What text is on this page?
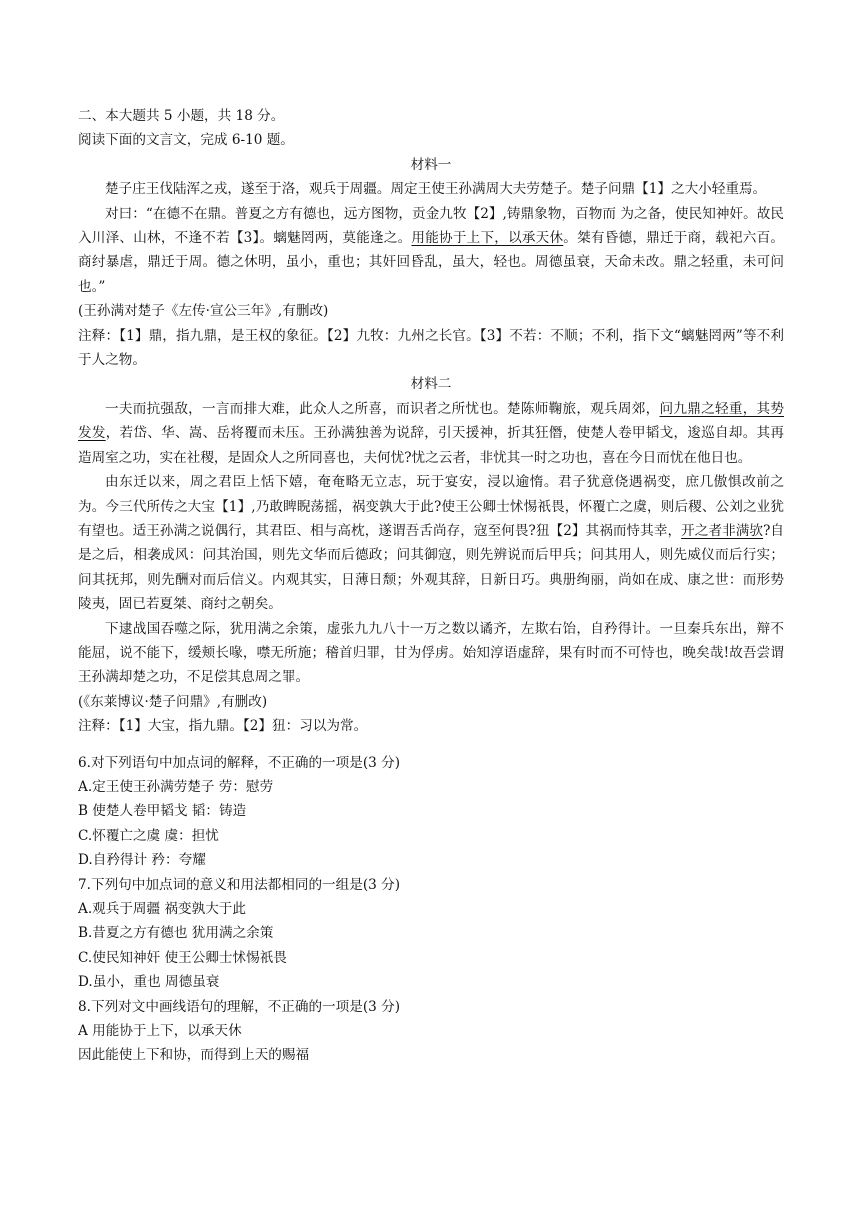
二、本大题共 5 小题，共 18 分。
阅读下面的文言文，完成 6-10 题。
材料一
楚子庄王伐陆浑之戎，遂至于洛，观兵于周疆。周定王使王孙满周大夫劳楚子。楚子问鼎【1】之大小轻重焉。
对曰：“在德不在鼎。普夏之方有德也，远方图物，贡金九牧【2】,铸鼎象物，百物而 为之备，使民知神奸。故民入川泽、山林，不逢不若【3】。螭魅罔两，莫能逢之。用能协于上下，以承天休。桀有昏德，鼎迁于商，载祀六百。商纣暴虐，鼎迁于周。德之休明，虽小，重也；其奸回昏乱，虽大，轻也。周德虽衰，天命未改。鼎之轻重，未可问也。”
(王孙满对楚子《左传·宣公三年》,有删改)
注释：【1】鼎，指九鼎，是王权的象征。【2】九牧：九州之长官。【3】不若：不顺；不利，指下文“螭魅罔两”等不利于人之物。
材料二
一夫而抗强敌，一言而排大难，此众人之所喜，而识者之所忧也。楚陈师鞠旅，观兵周郊，问九鼎之轻重，其势发发，若岱、华、嵩、岳将覆而未压。王孙满独善为说辞，引天援神，折其狂僭，使楚人卷甲韬戈，逡巡自却。其再造周室之功，实在社稷，是固众人之所同喜也，夫何忧?忧之云者，非忧其一时之功也，喜在今日而忧在他日也。
由东迁以来，周之君臣上恬下嬉，奄奄略无立志，玩于宴安，浸以逾惰。君子犹意侥遇祸变，庶几傲惧改前之为。今三代所传之大宝【1】,乃敢睥睨荡摇，祸变孰大于此?使王公卿士怵惕祇畏，怀覆亡之虞，则后稷、公刘之业犹有望也。适王孙满之说偶行，其君臣、相与高枕，遂谓吾舌尚存，寇至何畏?狃【2】其祸而恃其幸，开之者非满欤?自是之后，相袭成风：问其治国，则先文华而后德政；问其御寇，则先辨说而后甲兵；问其用人，则先威仪而后行实；问其抚邦，则先酬对而后信义。内观其实，日薄日颓；外观其辞，日新日巧。典册绚丽，尚如在成、康之世：而形势陵夷，固已若夏桀、商纣之朝矣。
下逮战国吞噬之际，犹用满之余策，虚张九九八十一万之数以谲齐，左欺右饴，自矜得计。一旦秦兵东出，辩不能屈，说不能下，缓颊长喙，噤无所施；稽首归罪，甘为俘虏。始知淳语虚辞，果有时而不可恃也，晚矣哉!故吾尝谓王孙满却楚之功，不足偿其息周之罪。
(《东莱博议·楚子问鼎》,有删改)
注释：【1】大宝，指九鼎。【2】狃：习以为常。
6.对下列语句中加点词的解释，不正确的一项是(3 分)
A.定王使王孙满劳楚子 劳：慰劳
B 使楚人卷甲韬戈 韬：铸造
C.怀覆亡之虞 虞：担忧
D.自矜得计 矜：夸耀
7.下列句中加点词的意义和用法都相同的一组是(3 分)
A.观兵于周疆 祸变孰大于此
B.昔夏之方有德也 犹用满之余策
C.使民知神奸 使王公卿士怵惕祇畏
D.虽小，重也 周德虽衰
8.下列对文中画线语句的理解，不正确的一项是(3 分)
A 用能协于上下，以承天休
因此能使上下和协，而得到上天的赐福
